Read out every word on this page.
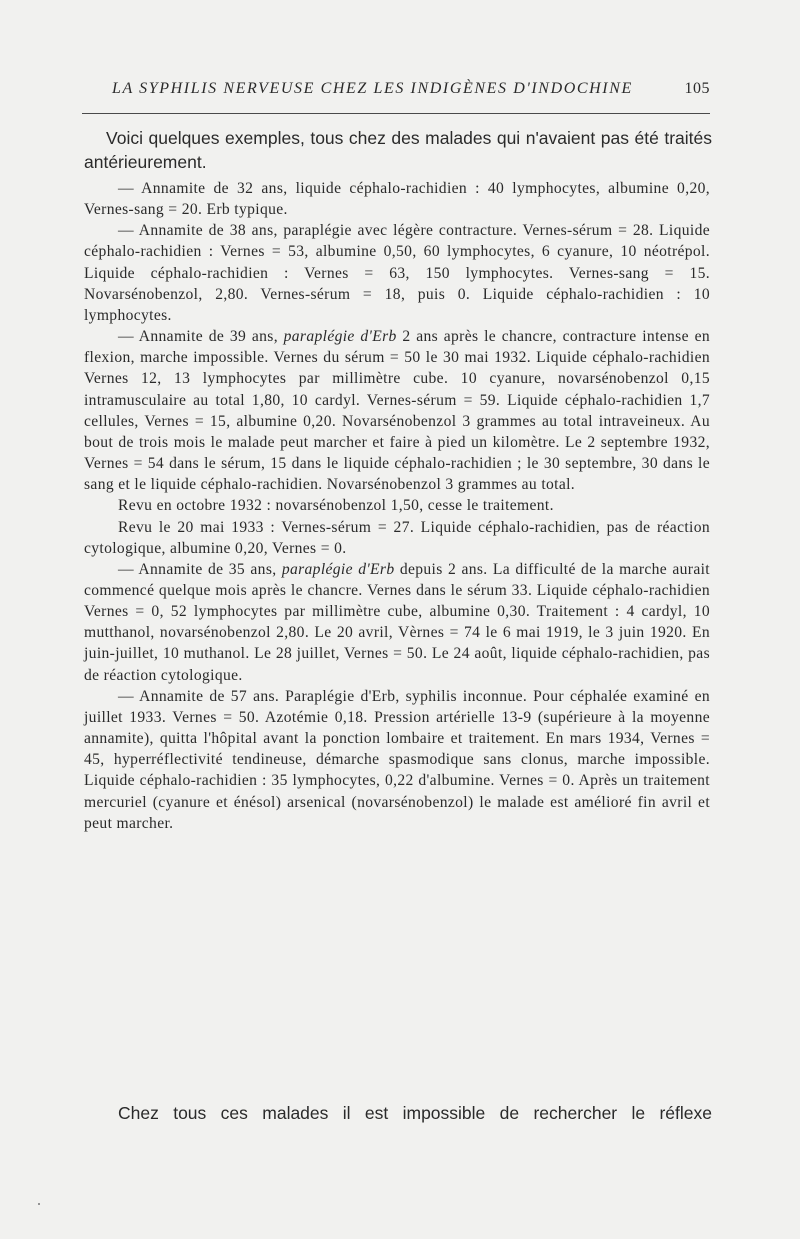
LA SYPHILIS NERVEUSE CHEZ LES INDIGÈNES D'INDOCHINE	105

Voici quelques exemples, tous chez des malades qui n'avaient pas été traités antérieurement.

— Annamite de 32 ans, liquide céphalo-rachidien : 40 lymphocytes, albumine 0,20, Vernes-sang = 20. Erb typique.

— Annamite de 38 ans, paraplégie avec légère contracture. Vernes-sérum = 28. Liquide céphalo-rachidien : Vernes = 53, albumine 0,50, 60 lymphocytes, 6 cyanure, 10 néotrépol. Liquide céphalo-rachidien : Vernes = 63, 150 lymphocytes. Vernes-sang = 15. Novarsénobenzol, 2,80. Vernes-sérum = 18, puis 0. Liquide céphalo-rachidien : 10 lymphocytes.

— Annamite de 39 ans, paraplégie d'Erb 2 ans après le chancre, contracture intense en flexion, marche impossible. Vernes du sérum = 50 le 30 mai 1932. Liquide céphalo-rachidien Vernes 12, 13 lymphocytes par millimètre cube. 10 cyanure, novarsénobenzol 0,15 intramusculaire au total 1,80, 10 cardyl. Vernes-sérum = 59. Liquide céphalo-rachidien 1,7 cellules, Vernes = 15, albumine 0,20. Novarsénobenzol 3 grammes au total intraveineux. Au bout de trois mois le malade peut marcher et faire à pied un kilomètre. Le 2 septembre 1932, Vernes = 54 dans le sérum, 15 dans le liquide céphalo-rachidien ; le 30 septembre, 30 dans le sang et le liquide céphalo-rachidien. Novarsénobenzol 3 grammes au total.

Revu en octobre 1932 : novarsénobenzol 1,50, cesse le traitement.

Revu le 20 mai 1933 : Vernes-sérum = 27. Liquide céphalo-rachidien, pas de réaction cytologique, albumine 0,20, Vernes = 0.

— Annamite de 35 ans, paraplégie d'Erb depuis 2 ans. La difficulté de la marche aurait commencé quelque mois après le chancre. Vernes dans le sérum 33. Liquide céphalo-rachidien Vernes = 0, 52 lymphocytes par millimètre cube, albumine 0,30. Traitement : 4 cardyl, 10 mutthanol, novarsénobenzol 2,80. Le 20 avril, Vèrnes = 74 le 6 mai 1919, le 3 juin 1920. En juin-juillet, 10 muthanol. Le 28 juillet, Vernes = 50. Le 24 août, liquide céphalo-rachidien, pas de réaction cytologique.

— Annamite de 57 ans. Paraplégie d'Erb, syphilis inconnue. Pour céphalée examiné en juillet 1933. Vernes = 50. Azotémie 0,18. Pression artérielle 13-9 (supérieure à la moyenne annamite), quitta l'hôpital avant la ponction lombaire et traitement. En mars 1934, Vernes = 45, hyperréflectivité tendineuse, démarche spasmodique sans clonus, marche impossible. Liquide céphalo-rachidien : 35 lymphocytes, 0,22 d'albumine. Vernes = 0. Après un traitement mercuriel (cyanure et énésol) arsenical (novarsénobenzol) le malade est amélioré fin avril et peut marcher.

Chez tous ces malades il est impossible de rechercher le réflexe
